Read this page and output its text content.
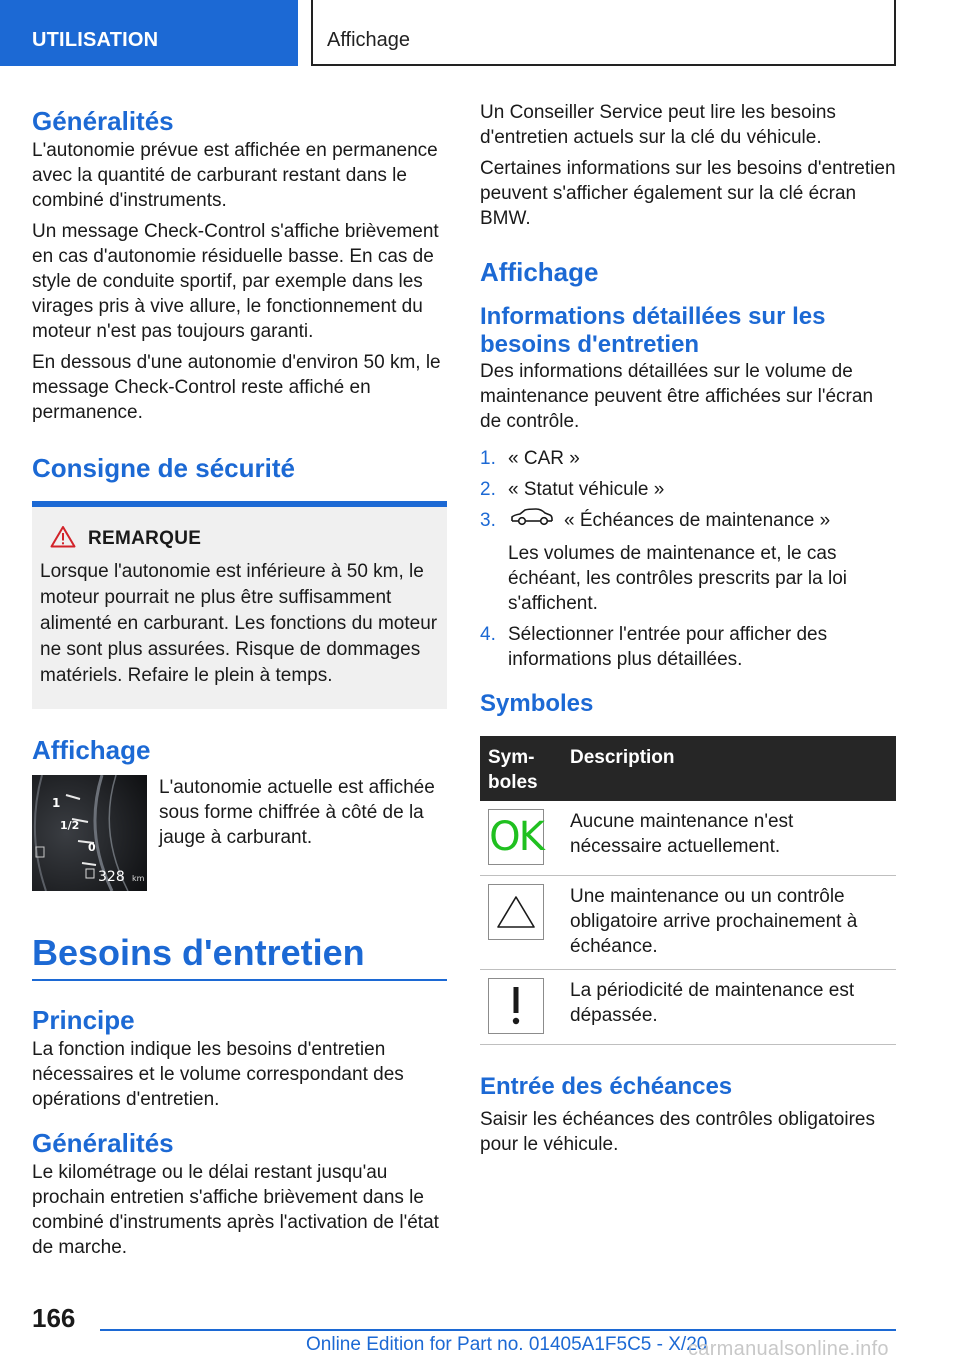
UTILISATION	Affichage
Généralités

L'autonomie prévue est affichée en permanence avec la quantité de carburant restant dans le combiné d'instruments.

Un message Check-Control s'affiche brièvement en cas d'autonomie résiduelle basse. En cas de style de conduite sportif, par exemple dans les virages pris à vive allure, le fonctionnement du moteur n'est pas toujours garanti.

En dessous d'une autonomie d'environ 50 km, le message Check-Control reste affiché en permanence.

Consigne de sécurité
REMARQUE

Lorsque l'autonomie est inférieure à 50 km, le moteur pourrait ne plus être suffisamment alimenté en carburant. Les fonctions du moteur ne sont plus assurées. Risque de dommages matériels. Refaire le plein à temps.

Affichage
1
1/2
0
328 km

L'autonomie actuelle est affichée sous forme chiffrée à côté de la jauge à carburant.

Besoins d'entretien
Principe

La fonction indique les besoins d'entretien nécessaires et le volume correspondant des opérations d'entretien.

Généralités

Le kilométrage ou le délai restant jusqu'au prochain entretien s'affiche brièvement dans le combiné d'instruments après l'activation de l'état de marche.

Un Conseiller Service peut lire les besoins d'entretien actuels sur la clé du véhicule.

Certaines informations sur les besoins d'entretien peuvent s'afficher également sur la clé écran BMW.

Affichage
Informations détaillées sur les besoins d'entretien

Des informations détaillées sur le volume de maintenance peuvent être affichées sur l'écran de contrôle.

1. « CAR »
2. « Statut véhicule »
3.	« Échéances de maintenance »
Les volumes de maintenance et, le cas échéant, les contrôles prescrits par la loi s'affichent.
4. Sélectionner l'entrée pour afficher des informations plus détaillées.
Symboles
Sym-boles	Description

OK	Aucune maintenance n'est nécessaire actuellement.

	Une maintenance ou un contrôle obligatoire arrive prochainement à échéance.

	La périodicité de maintenance est dépassée.
Entrée des échéances

Saisir les échéances des contrôles obligatoires pour le véhicule.

166
Online Edition for Part no. 01405A1F5C5 - X/20
carmanualsonline.info
